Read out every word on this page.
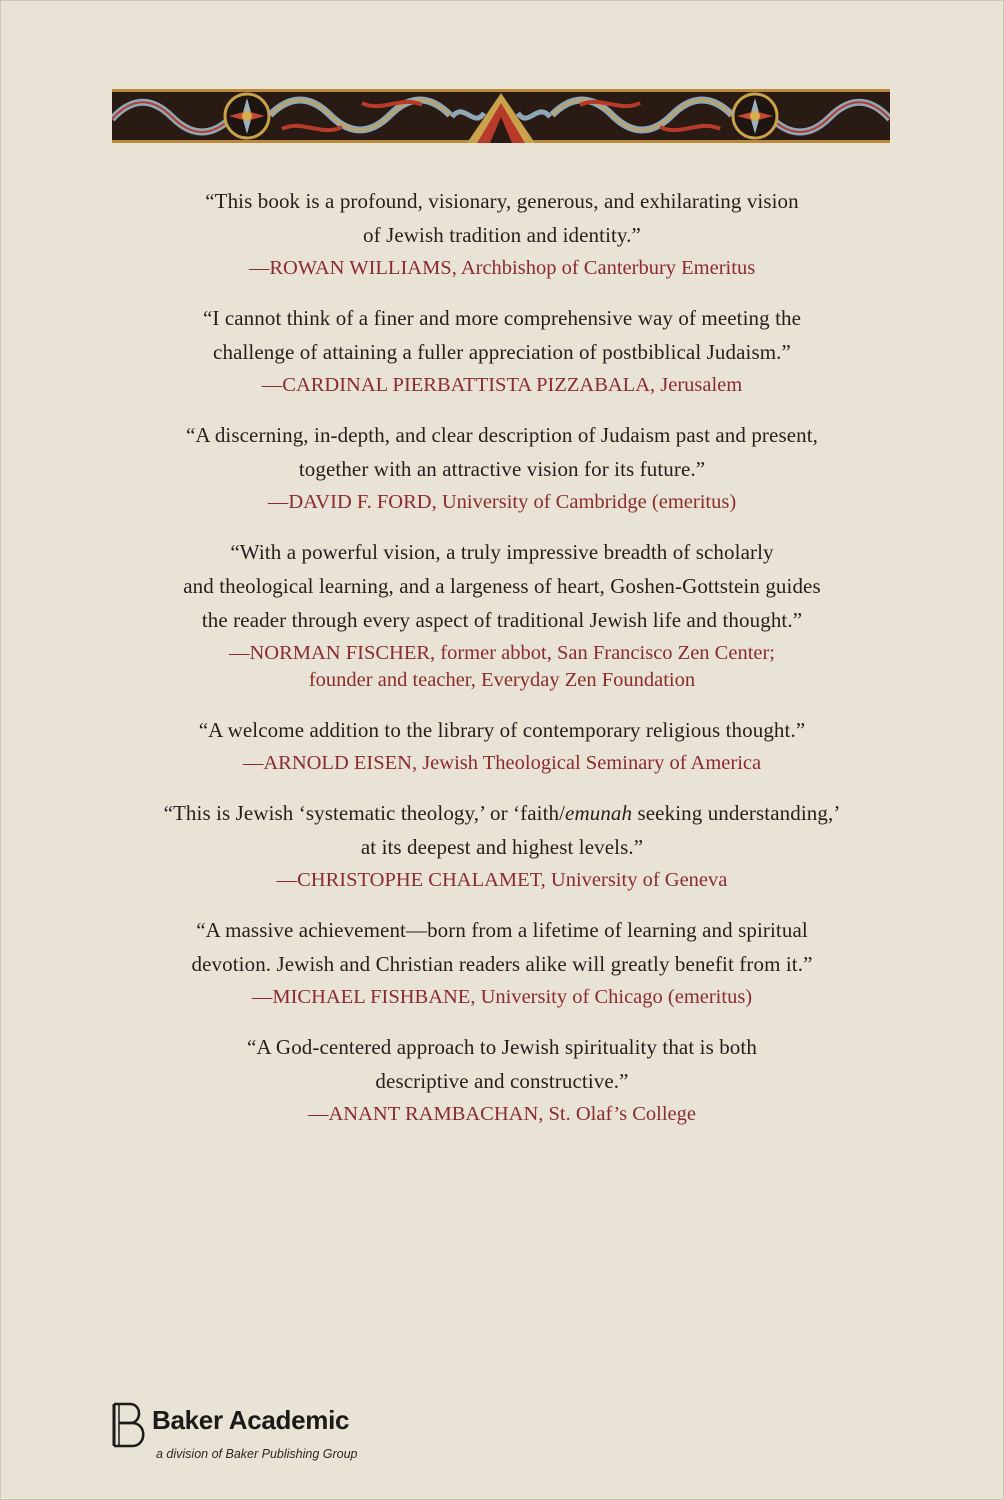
“This book is a profound, visionary, generous, and exhilarating vision
of Jewish tradition and identity.”
—ROWAN WILLIAMS, Archbishop of Canterbury Emeritus
“I cannot think of a finer and more comprehensive way of meeting the
challenge of attaining a fuller appreciation of postbiblical Judaism.”
—CARDINAL PIERBATTISTA PIZZABALA, Jerusalem
“A discerning, in-depth, and clear description of Judaism past and present,
together with an attractive vision for its future.”
—DAVID F. FORD, University of Cambridge (emeritus)
“With a powerful vision, a truly impressive breadth of scholarly
and theological learning, and a largeness of heart, Goshen-Gottstein guides
the reader through every aspect of traditional Jewish life and thought.”
—NORMAN FISCHER, former abbot, San Francisco Zen Center;
founder and teacher, Everyday Zen Foundation
“A welcome addition to the library of contemporary religious thought.”
—ARNOLD EISEN, Jewish Theological Seminary of America
“This is Jewish ‘systematic theology,’ or ‘faith/emunah seeking understanding,’
at its deepest and highest levels.”
—CHRISTOPHE CHALAMET, University of Geneva
“A massive achievement—born from a lifetime of learning and spiritual
devotion. Jewish and Christian readers alike will greatly benefit from it.”
—MICHAEL FISHBANE, University of Chicago (emeritus)
“A God-centered approach to Jewish spirituality that is both
descriptive and constructive.”
—ANANT RAMBACHAN, St. Olaf’s College
Baker Academic
a division of Baker Publishing Group
